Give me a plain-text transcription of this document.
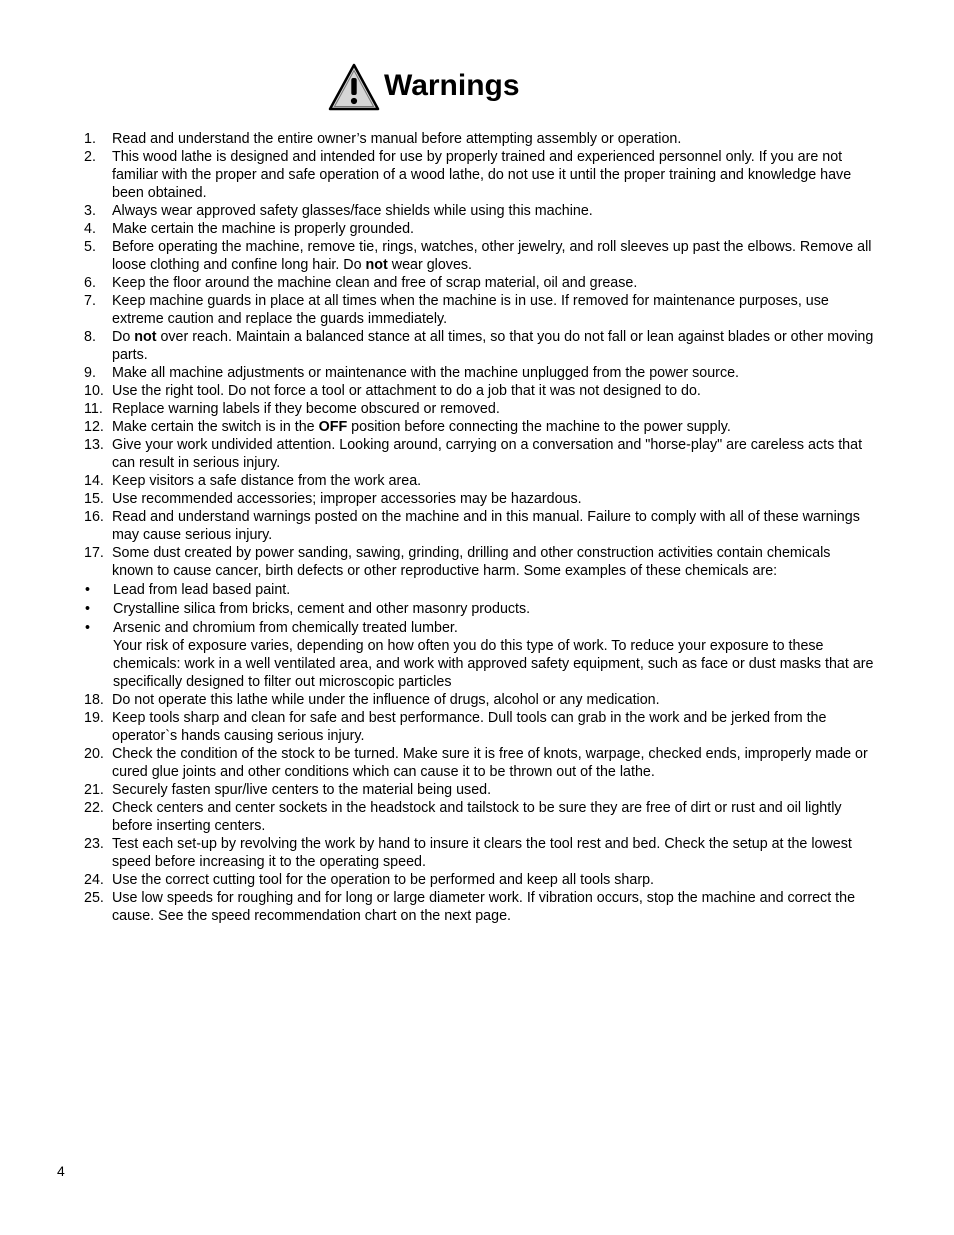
Warnings
1.	Read and understand the entire owner’s manual before attempting assembly or operation.
2.	This wood lathe is designed and intended for use by properly trained and experienced personnel only. If you are not familiar with the proper and safe operation of a wood lathe, do not use it until the proper training and knowledge have been obtained.
3.	Always wear approved safety glasses/face shields while using this machine.
4.	Make certain the machine is properly grounded.
5.	Before operating the machine, remove tie, rings, watches, other jewelry, and roll sleeves up past the elbows. Remove all loose clothing and confine long hair. Do not wear gloves.
6.	Keep the floor around the machine clean and free of scrap material, oil and grease.
7.	Keep machine guards in place at all times when the machine is in use. If removed for maintenance purposes, use extreme caution and replace the guards immediately.
8.	Do not over reach. Maintain a balanced stance at all times, so that you do not fall or lean against blades or other moving parts.
9.	Make all machine adjustments or maintenance with the machine unplugged from the power source.
10. Use the right tool. Do not force a tool or attachment to do a job that it was not designed to do.
11. Replace warning labels if they become obscured or removed.
12. Make certain the switch is in the OFF position before connecting the machine to the power supply.
13. Give your work undivided attention. Looking around, carrying on a conversation and "horse-play" are careless acts that can result in serious injury.
14. Keep visitors a safe distance from the work area.
15. Use recommended accessories; improper accessories may be hazardous.
16. Read and understand warnings posted on the machine and in this manual. Failure to comply with all of these warnings may cause serious injury.
17. Some dust created by power sanding, sawing, grinding, drilling and other construction activities contain chemicals known to cause cancer, birth defects or other reproductive harm. Some examples of these chemicals are:
•	Lead from lead based paint.
•	Crystalline silica from bricks, cement and other masonry products.
•	Arsenic and chromium from chemically treated lumber.
Your risk of exposure varies, depending on how often you do this type of work. To reduce your exposure to these chemicals: work in a well ventilated area, and work with approved safety equipment, such as face or dust masks that are specifically designed to filter out microscopic particles
18. Do not operate this lathe while under the influence of drugs, alcohol or any medication.
19. Keep tools sharp and clean for safe and best performance. Dull tools can grab in the work and be jerked from the operator`s hands causing serious injury.
20. Check the condition of the stock to be turned. Make sure it is free of knots, warpage, checked ends, improperly made or cured glue joints and other conditions which can cause it to be thrown out of the lathe.
21. Securely fasten spur/live centers to the material being used.
22. Check centers and center sockets in the headstock and tailstock to be sure they are free of dirt or rust and oil lightly before inserting centers.
23. Test each set-up by revolving the work by hand to insure it clears the tool rest and bed. Check the setup at the lowest speed before increasing it to the operating speed.
24. Use the correct cutting tool for the operation to be performed and keep all tools sharp.
25. Use low speeds for roughing and for long or large diameter work. If vibration occurs, stop the machine and correct the cause. See the speed recommendation chart on the next page.
4
